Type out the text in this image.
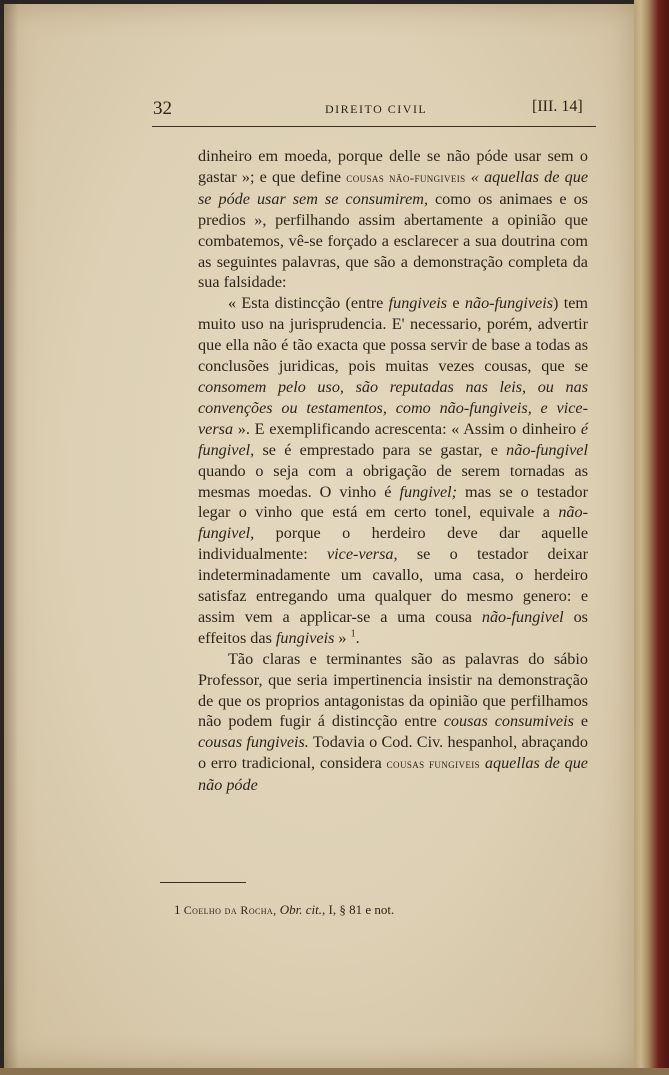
32	DIREITO CIVIL	[III. 14]

dinheiro em moeda, porque delle se não póde usar sem o gastar »; e que define cousas não-fungiveis « aquellas de que se póde usar sem se consumirem, como os animaes e os predios », perfilhando assim abertamente a opinião que combatemos, vê-se forçado a esclarecer a sua doutrina com as seguintes palavras, que são a demonstração completa da sua falsidade:

« Esta distincção (entre fungiveis e não-fungiveis) tem muito uso na jurisprudencia. E' necessario, porém, advertir que ella não é tão exacta que possa servir de base a todas as conclusões juridicas, pois muitas vezes cousas, que se consomem pelo uso, são reputadas nas leis, ou nas convenções ou testamentos, como não-fungiveis, e vice-versa ». E exemplificando acrescenta: « Assim o dinheiro é fungivel, se é emprestado para se gastar, e não-fungivel quando o seja com a obrigação de serem tornadas as mesmas moedas. O vinho é fungivel; mas se o testador legar o vinho que está em certo tonel, equivale a não-fungivel, porque o herdeiro deve dar aquelle individualmente: vice-versa, se o testador deixar indeterminadamente um cavallo, uma casa, o herdeiro satisfaz entregando uma qualquer do mesmo genero: e assim vem a applicar-se a uma cousa não-fungivel os effeitos das fungiveis » $^1$.

Tão claras e terminantes são as palavras do sábio Professor, que seria impertinencia insistir na demonstração de que os proprios antagonistas da opinião que perfilhamos não podem fugir á distincção entre cousas consumiveis e cousas fungiveis. Todavia o Cod. Civ. hespanhol, abraçando o erro tradicional, considera cousas fungiveis aquellas de que não póde

1 Coelho da Rocha, Obr. cit., I, § 81 e not.
